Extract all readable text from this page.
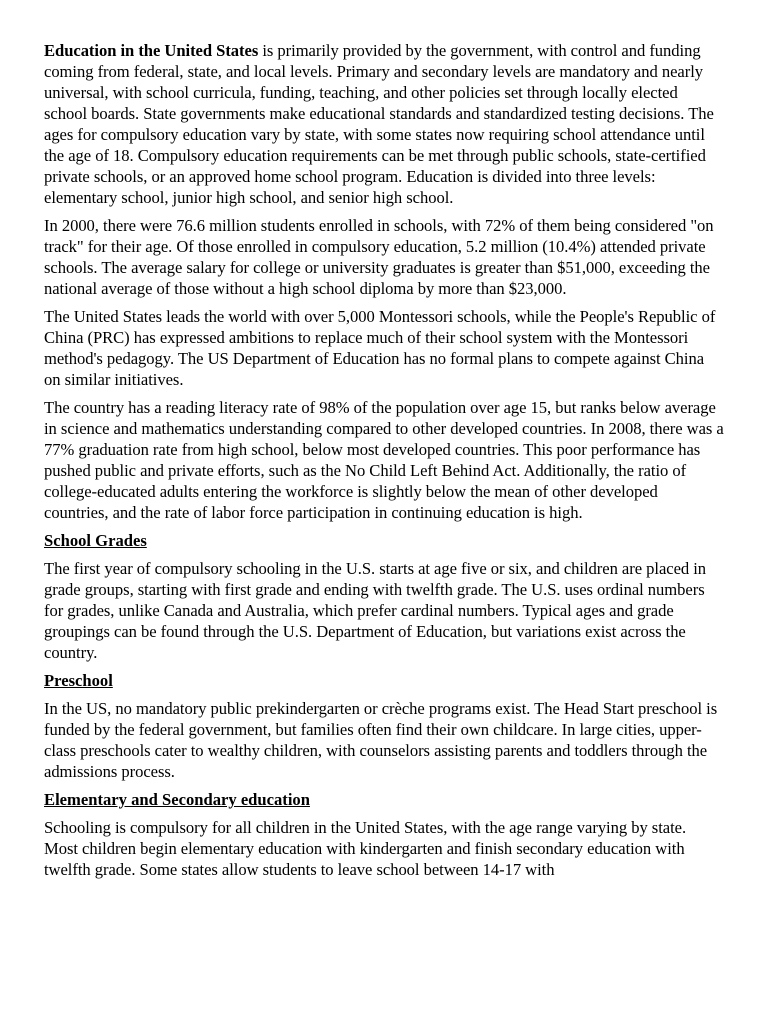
Education in the United States is primarily provided by the government, with control and funding coming from federal, state, and local levels. Primary and secondary levels are mandatory and nearly universal, with school curricula, funding, teaching, and other policies set through locally elected school boards. State governments make educational standards and standardized testing decisions. The ages for compulsory education vary by state, with some states now requiring school attendance until the age of 18. Compulsory education requirements can be met through public schools, state-certified private schools, or an approved home school program. Education is divided into three levels: elementary school, junior high school, and senior high school.

In 2000, there were 76.6 million students enrolled in schools, with 72% of them being considered "on track" for their age. Of those enrolled in compulsory education, 5.2 million (10.4%) attended private schools. The average salary for college or university graduates is greater than $51,000, exceeding the national average of those without a high school diploma by more than $23,000.

The United States leads the world with over 5,000 Montessori schools, while the People's Republic of China (PRC) has expressed ambitions to replace much of their school system with the Montessori method's pedagogy. The US Department of Education has no formal plans to compete against China on similar initiatives.

The country has a reading literacy rate of 98% of the population over age 15, but ranks below average in science and mathematics understanding compared to other developed countries. In 2008, there was a 77% graduation rate from high school, below most developed countries. This poor performance has pushed public and private efforts, such as the No Child Left Behind Act. Additionally, the ratio of college-educated adults entering the workforce is slightly below the mean of other developed countries, and the rate of labor force participation in continuing education is high.

School Grades

The first year of compulsory schooling in the U.S. starts at age five or six, and children are placed in grade groups, starting with first grade and ending with twelfth grade. The U.S. uses ordinal numbers for grades, unlike Canada and Australia, which prefer cardinal numbers. Typical ages and grade groupings can be found through the U.S. Department of Education, but variations exist across the country.

Preschool

In the US, no mandatory public prekindergarten or crèche programs exist. The Head Start preschool is funded by the federal government, but families often find their own childcare. In large cities, upper-class preschools cater to wealthy children, with counselors assisting parents and toddlers through the admissions process.

Elementary and Secondary education

Schooling is compulsory for all children in the United States, with the age range varying by state. Most children begin elementary education with kindergarten and finish secondary education with twelfth grade. Some states allow students to leave school between 14-17 with
